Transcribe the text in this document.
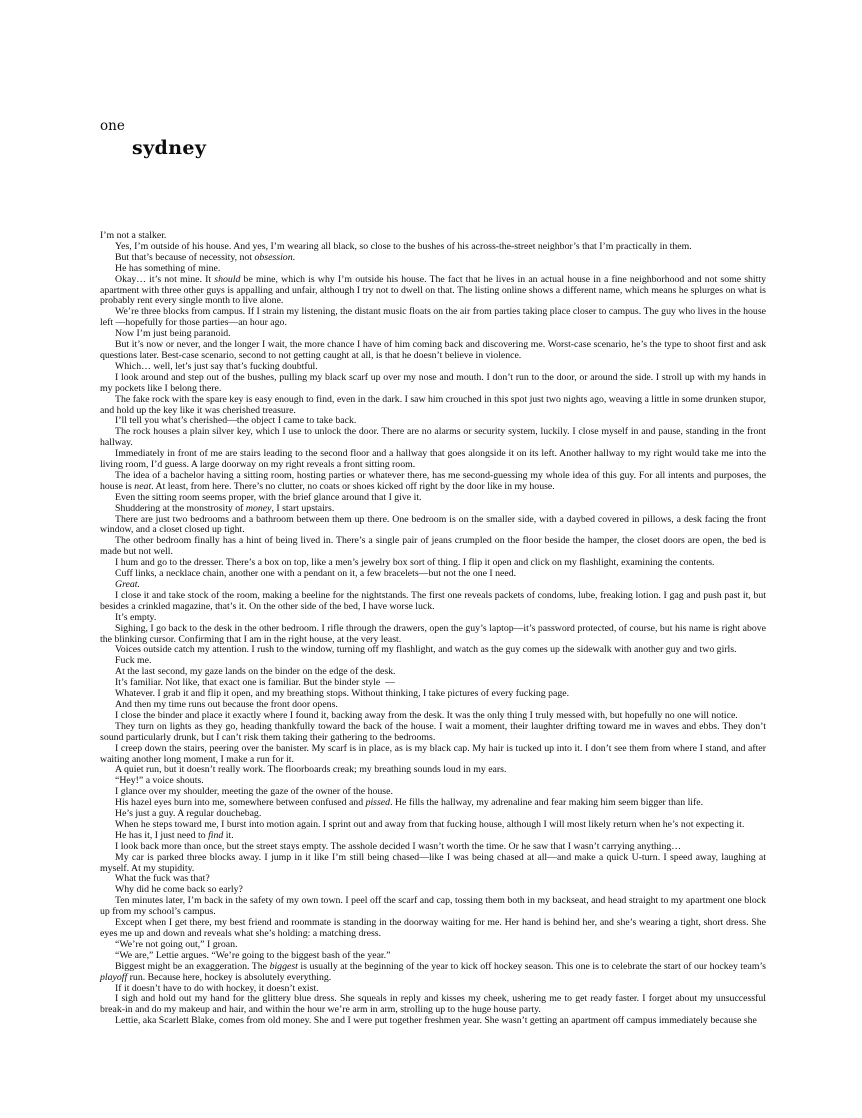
one
sydney

I’m not a stalker.

Yes, I’m outside of his house. And yes, I’m wearing all black, so close to the bushes of his across-the-street neighbor’s that I’m practically in them.

But that’s because of necessity, not obsession.

He has something of mine.

Okay… it’s not mine. It should be mine, which is why I’m outside his house. The fact that he lives in an actual house in a fine neighborhood and not some shitty apartment with three other guys is appalling and unfair, although I try not to dwell on that. The listing online shows a different name, which means he splurges on what is probably rent every single month to live alone.

We’re three blocks from campus. If I strain my listening, the distant music floats on the air from parties taking place closer to campus. The guy who lives in the house left —hopefully for those parties—an hour ago.

Now I’m just being paranoid.

But it’s now or never, and the longer I wait, the more chance I have of him coming back and discovering me. Worst-case scenario, he’s the type to shoot first and ask questions later. Best-case scenario, second to not getting caught at all, is that he doesn’t believe in violence.

Which… well, let’s just say that’s fucking doubtful.

I look around and step out of the bushes, pulling my black scarf up over my nose and mouth. I don’t run to the door, or around the side. I stroll up with my hands in my pockets like I belong there.

The fake rock with the spare key is easy enough to find, even in the dark. I saw him crouched in this spot just two nights ago, weaving a little in some drunken stupor, and hold up the key like it was cherished treasure.

I’ll tell you what’s cherished—the object I came to take back.

The rock houses a plain silver key, which I use to unlock the door. There are no alarms or security system, luckily. I close myself in and pause, standing in the front hallway.

Immediately in front of me are stairs leading to the second floor and a hallway that goes alongside it on its left. Another hallway to my right would take me into the living room, I’d guess. A large doorway on my right reveals a front sitting room.

The idea of a bachelor having a sitting room, hosting parties or whatever there, has me second-guessing my whole idea of this guy. For all intents and purposes, the house is neat. At least, from here. There’s no clutter, no coats or shoes kicked off right by the door like in my house.

Even the sitting room seems proper, with the brief glance around that I give it.

Shuddering at the monstrosity of money, I start upstairs.

There are just two bedrooms and a bathroom between them up there. One bedroom is on the smaller side, with a daybed covered in pillows, a desk facing the front window, and a closet closed up tight.

The other bedroom finally has a hint of being lived in. There’s a single pair of jeans crumpled on the floor beside the hamper, the closet doors are open, the bed is made but not well.

I hum and go to the dresser. There’s a box on top, like a men’s jewelry box sort of thing. I flip it open and click on my flashlight, examining the contents.

Cuff links, a necklace chain, another one with a pendant on it, a few bracelets—but not the one I need.

Great.

I close it and take stock of the room, making a beeline for the nightstands. The first one reveals packets of condoms, lube, freaking lotion. I gag and push past it, but besides a crinkled magazine, that’s it. On the other side of the bed, I have worse luck.

It’s empty.

Sighing, I go back to the desk in the other bedroom. I rifle through the drawers, open the guy’s laptop—it’s password protected, of course, but his name is right above the blinking cursor. Confirming that I am in the right house, at the very least.

Voices outside catch my attention. I rush to the window, turning off my flashlight, and watch as the guy comes up the sidewalk with another guy and two girls.

Fuck me.

At the last second, my gaze lands on the binder on the edge of the desk.

It’s familiar. Not like, that exact one is familiar. But the binder style  —

Whatever. I grab it and flip it open, and my breathing stops. Without thinking, I take pictures of every fucking page.

And then my time runs out because the front door opens.

I close the binder and place it exactly where I found it, backing away from the desk. It was the only thing I truly messed with, but hopefully no one will notice.

They turn on lights as they go, heading thankfully toward the back of the house. I wait a moment, their laughter drifting toward me in waves and ebbs. They don’t sound particularly drunk, but I can’t risk them taking their gathering to the bedrooms.

I creep down the stairs, peering over the banister. My scarf is in place, as is my black cap. My hair is tucked up into it. I don’t see them from where I stand, and after waiting another long moment, I make a run for it.

A quiet run, but it doesn’t really work. The floorboards creak; my breathing sounds loud in my ears.

“Hey!” a voice shouts.

I glance over my shoulder, meeting the gaze of the owner of the house.

His hazel eyes burn into me, somewhere between confused and pissed. He fills the hallway, my adrenaline and fear making him seem bigger than life.

He’s just a guy. A regular douchebag.

When he steps toward me, I burst into motion again. I sprint out and away from that fucking house, although I will most likely return when he’s not expecting it.

He has it, I just need to find it.

I look back more than once, but the street stays empty. The asshole decided I wasn’t worth the time. Or he saw that I wasn’t carrying anything…

My car is parked three blocks away. I jump in it like I’m still being chased—like I was being chased at all—and make a quick U-turn. I speed away, laughing at myself. At my stupidity.

What the fuck was that?

Why did he come back so early?

Ten minutes later, I’m back in the safety of my own town. I peel off the scarf and cap, tossing them both in my backseat, and head straight to my apartment one block up from my school’s campus.

Except when I get there, my best friend and roommate is standing in the doorway waiting for me. Her hand is behind her, and she’s wearing a tight, short dress. She eyes me up and down and reveals what she’s holding: a matching dress.

“We’re not going out,” I groan.

“We are,” Lettie argues. “We’re going to the biggest bash of the year.”

Biggest might be an exaggeration. The biggest is usually at the beginning of the year to kick off hockey season. This one is to celebrate the start of our hockey team’s playoff run. Because here, hockey is absolutely everything.

If it doesn’t have to do with hockey, it doesn’t exist.

I sigh and hold out my hand for the glittery blue dress. She squeals in reply and kisses my cheek, ushering me to get ready faster. I forget about my unsuccessful break-in and do my makeup and hair, and within the hour we’re arm in arm, strolling up to the huge house party.

Lettie, aka Scarlett Blake, comes from old money. She and I were put together freshmen year. She wasn’t getting an apartment off campus immediately because she
